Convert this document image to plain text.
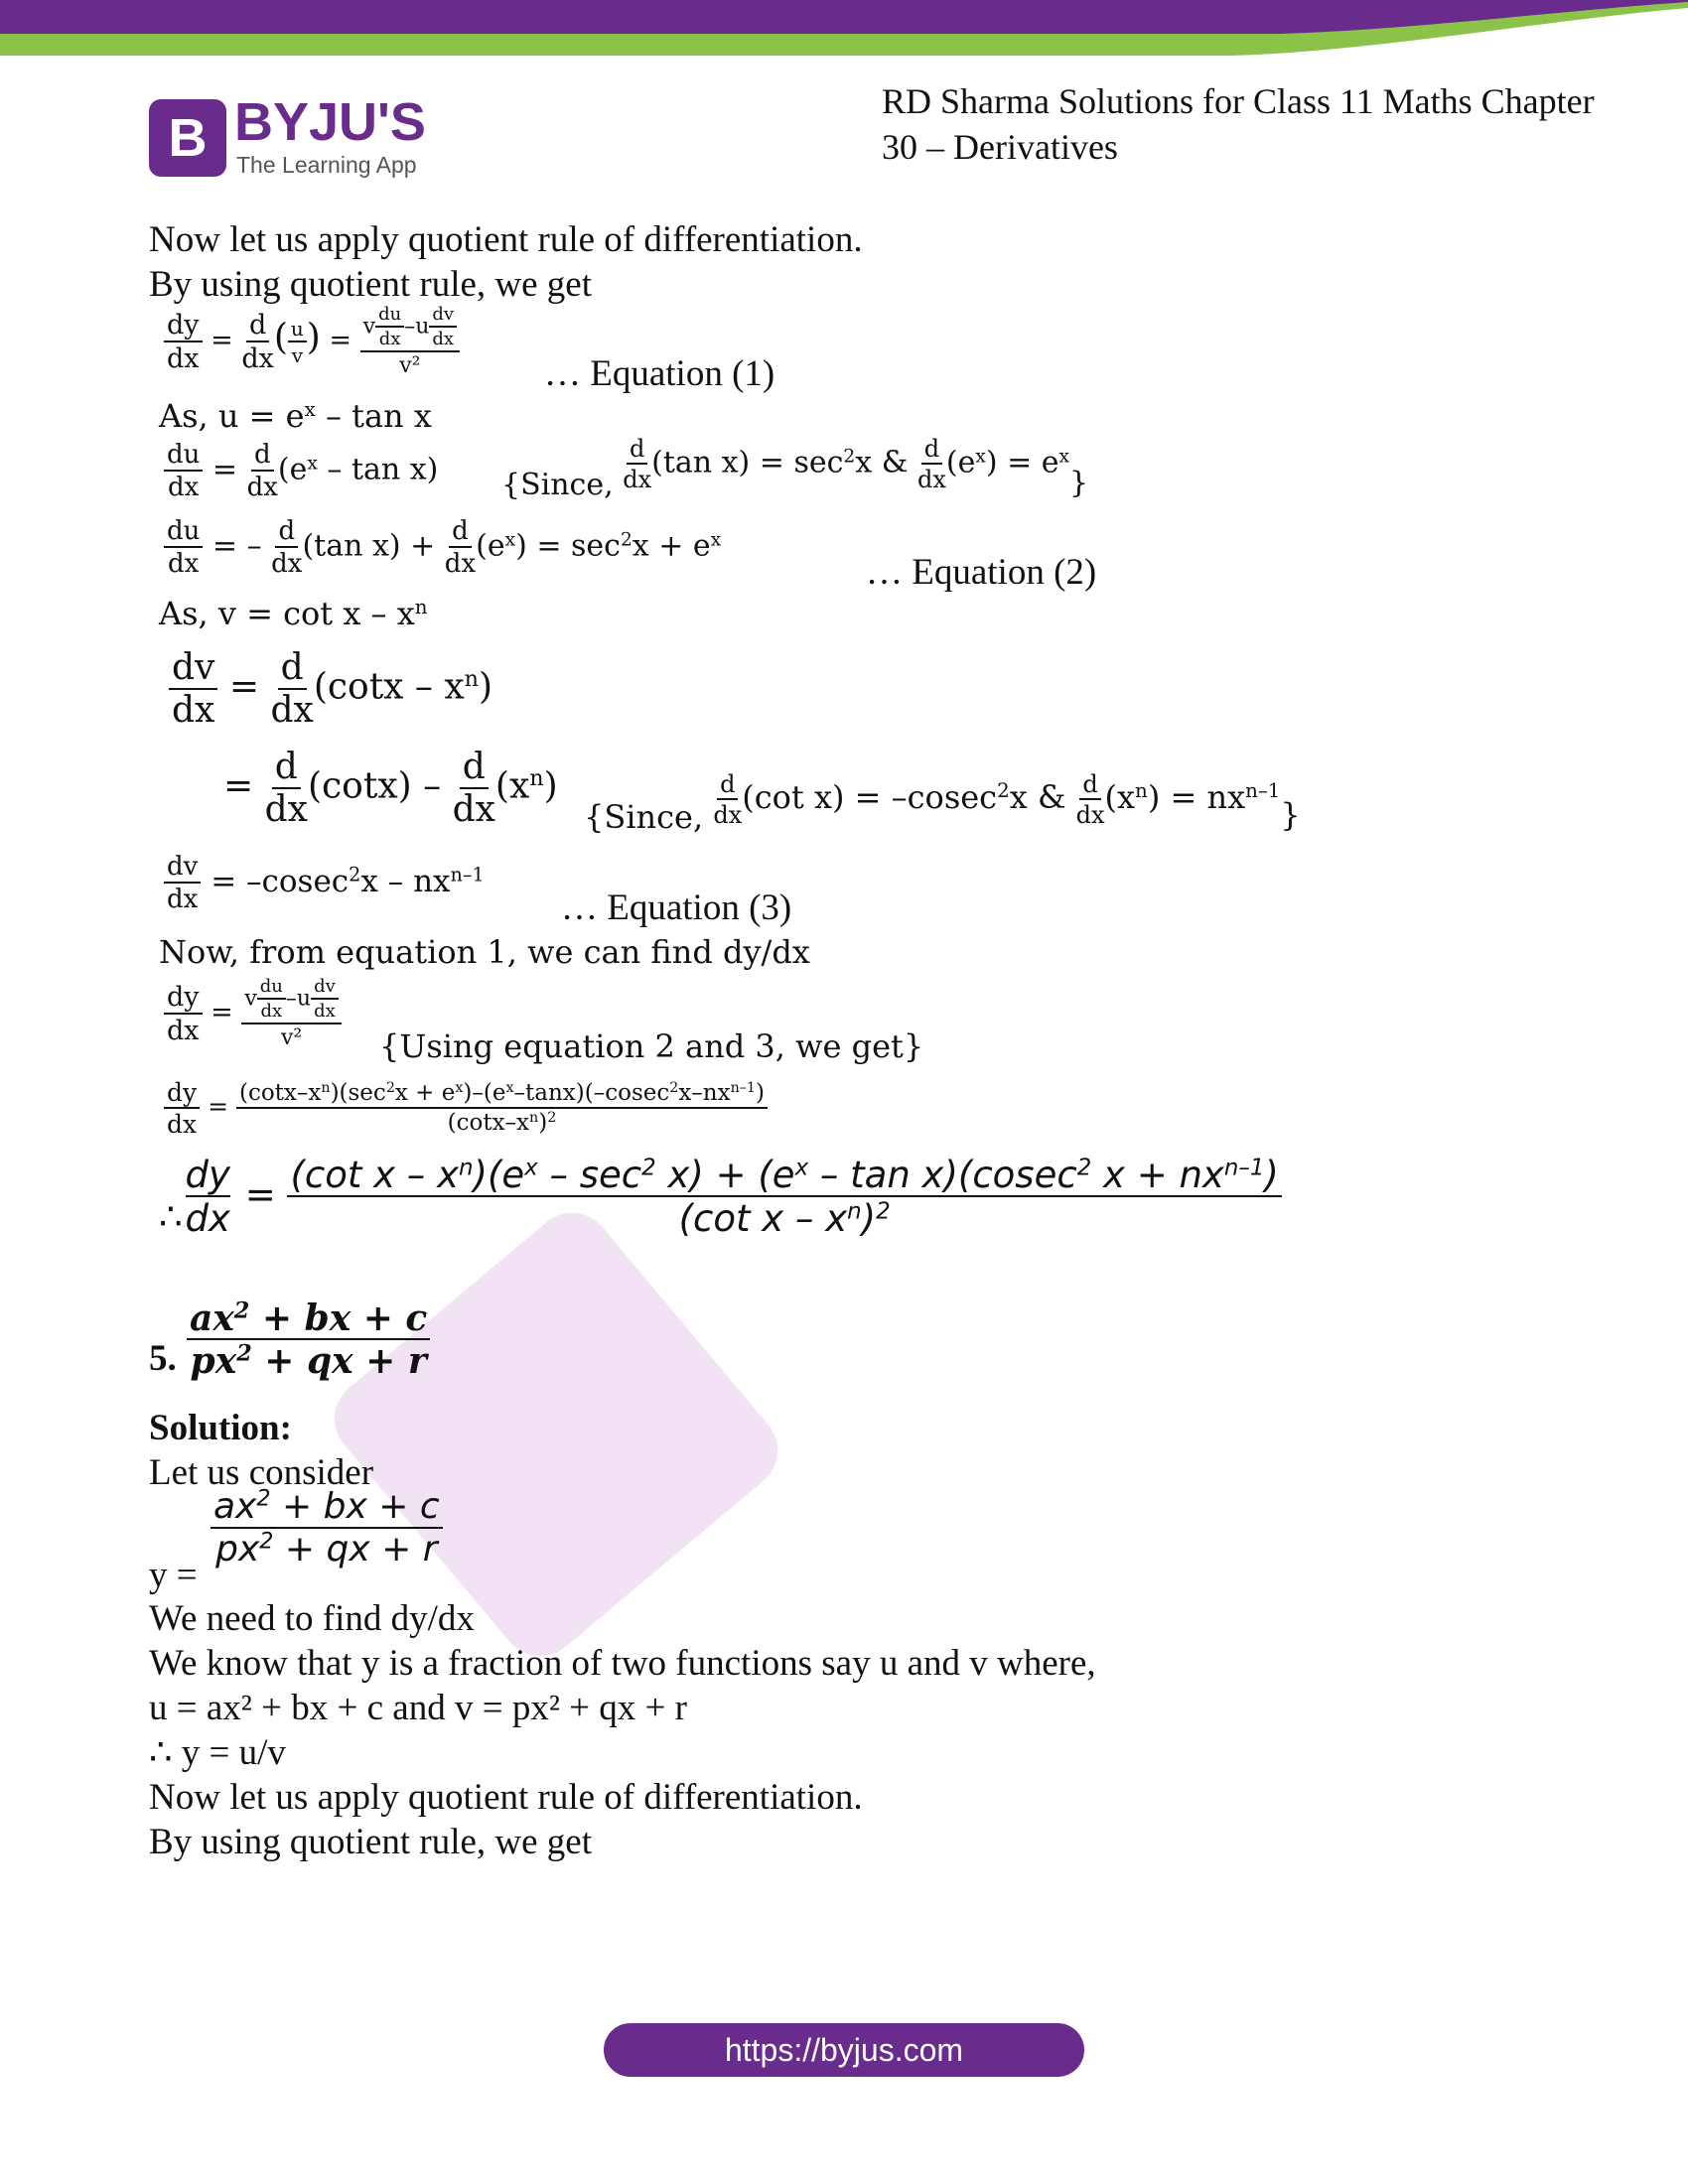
B BYJU'S
The Learning App
RD Sharma Solutions for Class 11 Maths Chapter
30 – Derivatives
Now let us apply quotient rule of differentiation.
By using quotient rule, we get
$\frac{dy}{dx} = \frac{d}{dx}$ ( $\frac{u}{v}$ ) = $\frac{v \frac{du}{dx} -u \frac{dv}{dx}}{\text{v²}}$ … Equation (1)
As, $u = e^x - \tan x$
$\frac{du}{dx} = \frac{d}{dx} (e^x - \tan x)$ {Since, $\frac{d}{dx} (\tan$ $x) = \sec^2x$ & $\frac{d}{dx} (e^x) = e^x$}
$\frac{du}{dx}$ = – $\frac{d}{dx} (\tan$ $x) + \frac{d}{dx} (e^x) = \sec^2x + e^x$
… Equation (2)
As, $v = \cot x - x^n$
$\frac{dv}{dx} = \frac{d}{dx} (\cot x - x^n)$
= $\frac{d}{dx} (\cot x) - \frac{d}{dx} (x^n)$
{Since, $\frac{d}{dx} (\cot$ x) = –cosec$^2$x & $\frac{d}{dx} (x^n) = nx^{n-1}$}
$\frac{dv}{dx} = -cosec^2x - nx^{n-1}$
… Equation (3)
Now, from equation 1, we can find dy/dx
$\frac{dy}{dx} = \frac{v \frac{du}{dx} -u \frac{dv}{dx}}{\text{v²}} \{Using$ equation 2 and 3, we get}
$\frac{dy}{dx} = \frac{(\cot x-x^n)(\sec^2x + e^x)-(e^x-\tan x)(-cosec^2x-nx^{n-1})}{(\cot x-x^n)^2}$
∴ $\frac{dy}{dx} = \frac{(\cot x - x^n)(e^x - \sec^2 x) + (e^x - \tan x)(cosec^2 x + nx^{n-1})}{(\cot x - x^n)^2}$
5. $\frac{ax^2 + bx + c}{px^2 + qx + r}$
Solution:
Let us consider
y =
$\frac{ax^2 + bx + c}{px^2 + qx + r}$
We need to find dy/dx
We know that y is a fraction of two functions say u and v where,
u = ax² + bx + c and v = px² + qx + r
∴ y = u/v
Now let us apply quotient rule of differentiation.
By using quotient rule, we get
https://byjus.com
